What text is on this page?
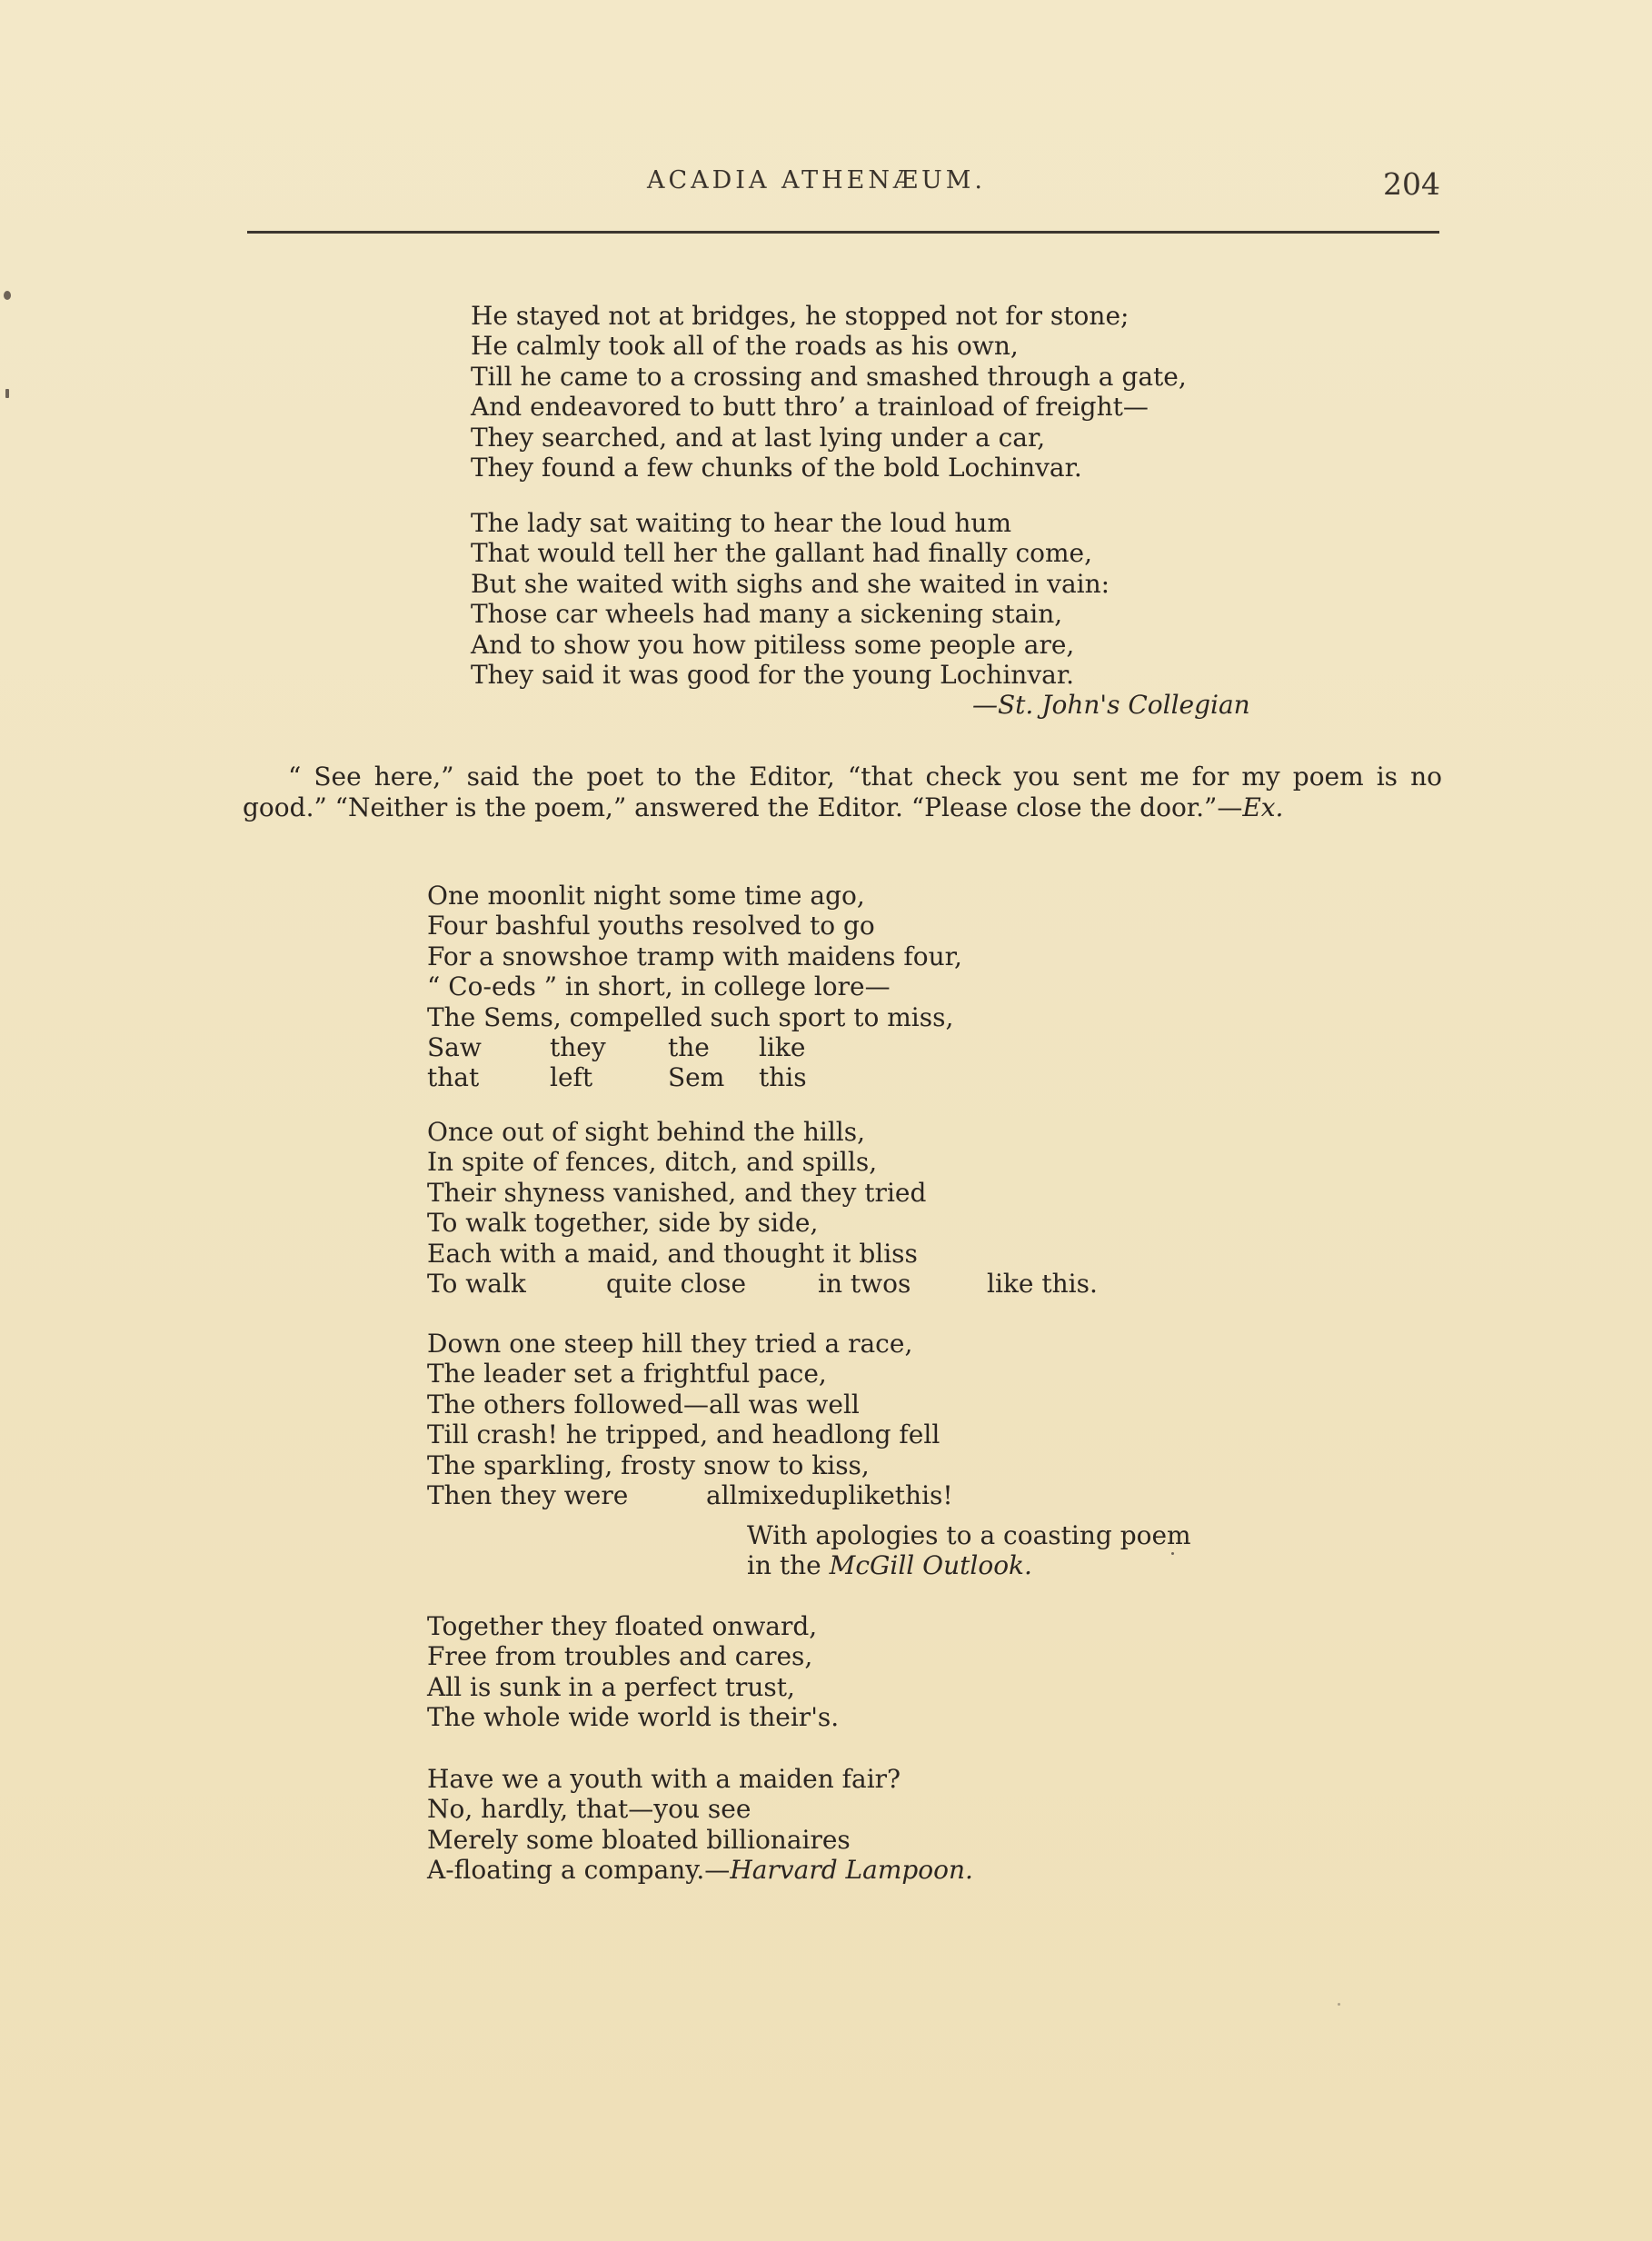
ACADIA ATHENÆUM.	204
He stayed not at bridges, he stopped not for stone;
He calmly took all of the roads as his own,
Till he came to a crossing and smashed through a gate,
And endeavored to butt thro’ a trainload of freight—
They searched, and at last lying under a car,
They found a few chunks of the bold Lochinvar.
The lady sat waiting to hear the loud hum
That would tell her the gallant had finally come,
But she waited with sighs and she waited in vain:
Those car wheels had many a sickening stain,
And to show you how pitiless some people are,
They said it was good for the young Lochinvar.
—St. John's Collegian
“ See here,” said the poet to the Editor, “that check you sent me for my poem is no good.” “Neither is the poem,” answered the Editor. “Please close the door.”—Ex.
One moonlit night some time ago,
Four bashful youths resolved to go
For a snowshoe tramp with maidens four,
“ Co-eds ” in short, in college lore—
The Sems, compelled such sport to miss,
Saw	they the like
that	left	Sem this
Once out of sight behind the hills,
In spite of fences, ditch, and spills,
Their shyness vanished, and they tried
To walk together, side by side,
Each with a maid, and thought it bliss
To walk	quite close	in twos	like this.
Down one steep hill they tried a race,
The leader set a frightful pace,
The others followed—all was well
Till crash! he tripped, and headlong fell
The sparkling, frosty snow to kiss,
Then they were	allmixeduplikethis!
With apologies to a coasting poem
in the McGill Outlook.
Together they floated onward,
Free from troubles and cares,
All is sunk in a perfect trust,
The whole wide world is their's.
Have we a youth with a maiden fair?
No, hardly, that—you see
Merely some bloated billionaires
A-floating a company.—Harvard Lampoon.
